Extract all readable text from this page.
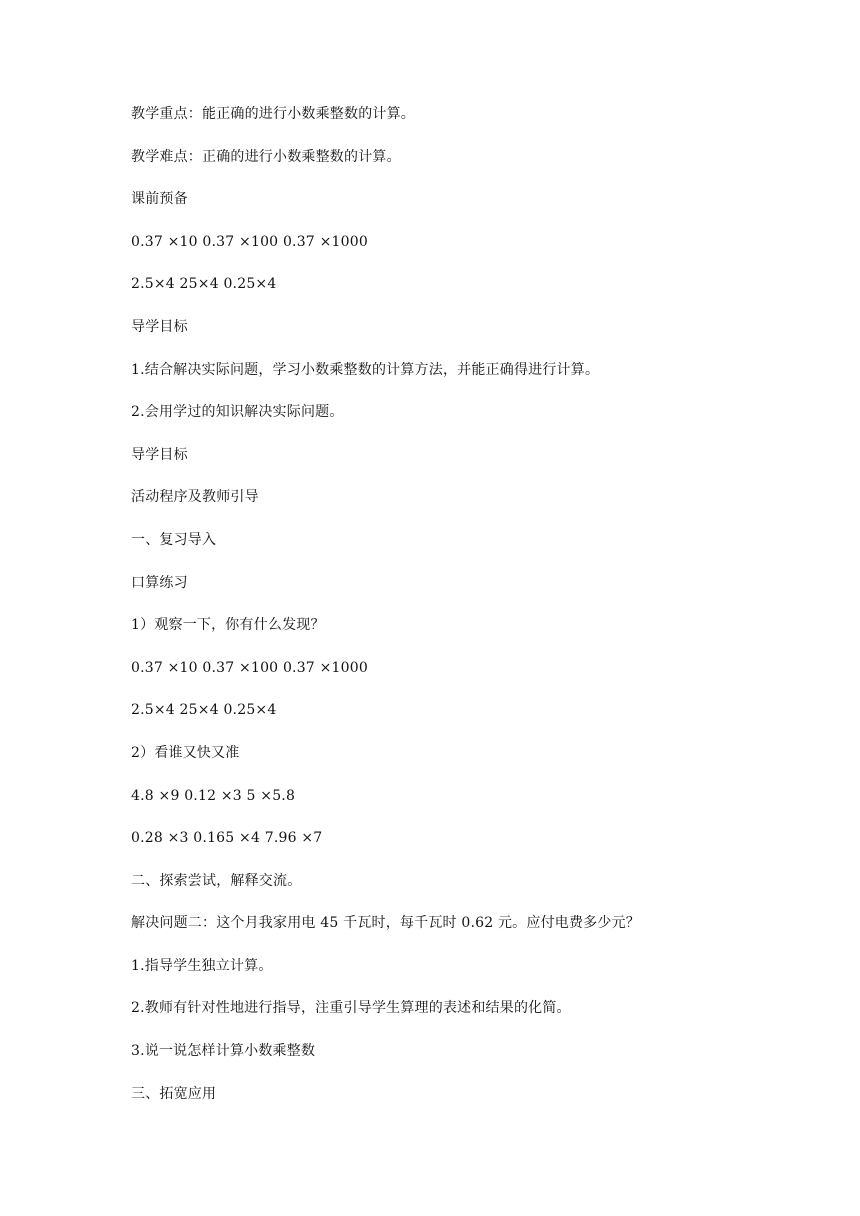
教学重点：能正确的进行小数乘整数的计算。

教学难点：正确的进行小数乘整数的计算。

课前预备

0.37 ×10 0.37 ×100 0.37 ×1000

2.5×4 25×4 0.25×4

导学目标

1.结合解决实际问题，学习小数乘整数的计算方法，并能正确得进行计算。

2.会用学过的知识解决实际问题。

导学目标

活动程序及教师引导

一、复习导入

口算练习

1）观察一下，你有什么发现？

0.37 ×10 0.37 ×100 0.37 ×1000

2.5×4 25×4 0.25×4

2）看谁又快又准

4.8 ×9 0.12 ×3 5 ×5.8

0.28 ×3 0.165 ×4 7.96 ×7

二、探索尝试，解释交流。

解决问题二：这个月我家用电 45 千瓦时，每千瓦时 0.62 元。应付电费多少元？

1.指导学生独立计算。

2.教师有针对性地进行指导，注重引导学生算理的表述和结果的化简。

3.说一说怎样计算小数乘整数

三、拓宽应用
